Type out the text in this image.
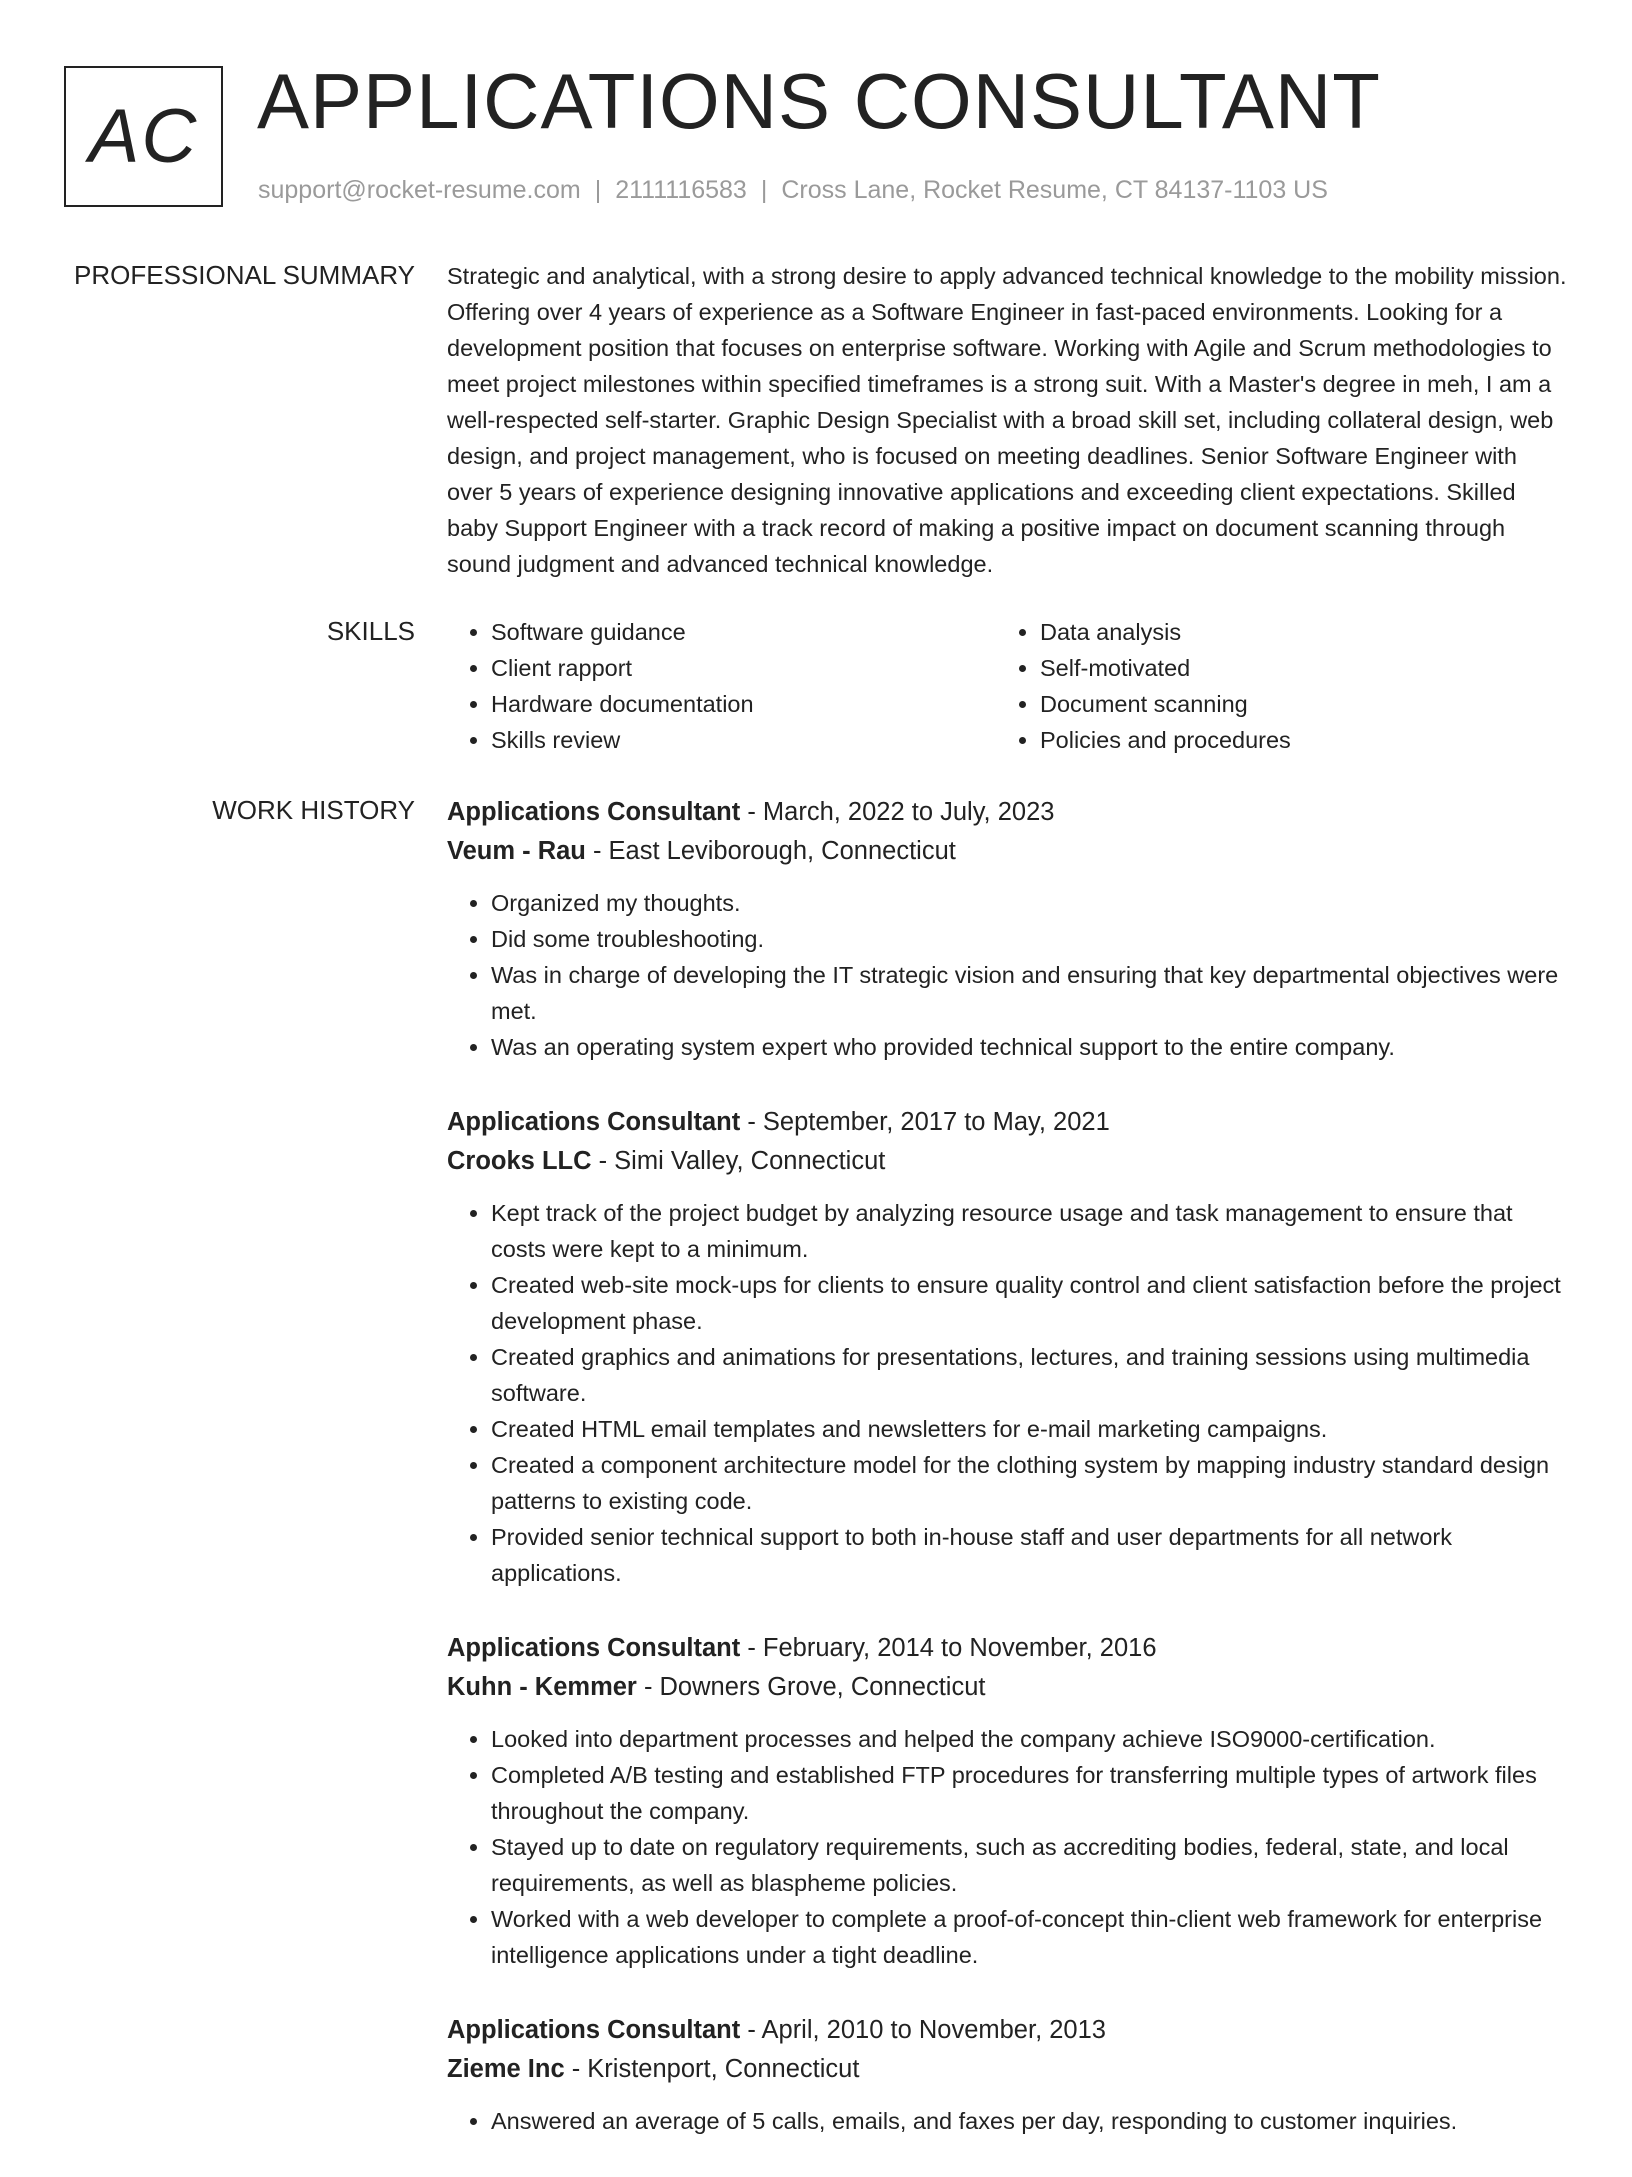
AC APPLICATIONS CONSULTANT
support@rocket-resume.com | 2111116583 | Cross Lane, Rocket Resume, CT 84137-1103 US
PROFESSIONAL SUMMARY Strategic and analytical, with a strong desire to apply advanced technical knowledge to the mobility mission. Offering over 4 years of experience as a Software Engineer in fast-paced environments. Looking for a development position that focuses on enterprise software. Working with Agile and Scrum methodologies to meet project milestones within specified timeframes is a strong suit. With a Master's degree in meh, I am a well-respected self-starter. Graphic Design Specialist with a broad skill set, including collateral design, web design, and project management, who is focused on meeting deadlines. Senior Software Engineer with over 5 years of experience designing innovative applications and exceeding client expectations. Skilled baby Support Engineer with a track record of making a positive impact on document scanning through sound judgment and advanced technical knowledge.

SKILLS
•	Software guidance
• Client rapport
• Hardware documentation
• Skills review
• Data analysis
• Self-motivated
• Document scanning
• Policies and procedures
WORK HISTORY Applications Consultant - March, 2022 to July, 2023
Veum - Rau - East Leviborough, Connecticut
• Organized my thoughts.
• Did some troubleshooting.
• Was in charge of developing the IT strategic vision and ensuring that key departmental objectives were met.
• Was an operating system expert who provided technical support to the entire company.
Applications Consultant - September, 2017 to May, 2021
Crooks LLC - Simi Valley, Connecticut
• Kept track of the project budget by analyzing resource usage and task management to ensure that costs were kept to a minimum.
• Created web-site mock-ups for clients to ensure quality control and client satisfaction before the project development phase.
• Created graphics and animations for presentations, lectures, and training sessions using multimedia software.
• Created HTML email templates and newsletters for e-mail marketing campaigns.
• Created a component architecture model for the clothing system by mapping industry standard design patterns to existing code.
• Provided senior technical support to both in-house staff and user departments for all network applications.
Applications Consultant - February, 2014 to November, 2016
Kuhn - Kemmer - Downers Grove, Connecticut
• Looked into department processes and helped the company achieve ISO9000-certification.
• Completed A/B testing and established FTP procedures for transferring multiple types of artwork files throughout the company.
• Stayed up to date on regulatory requirements, such as accrediting bodies, federal, state, and local requirements, as well as blaspheme policies.
• Worked with a web developer to complete a proof-of-concept thin-client web framework for enterprise intelligence applications under a tight deadline.
Applications Consultant - April, 2010 to November, 2013
Zieme Inc - Kristenport, Connecticut
• Answered an average of 5 calls, emails, and faxes per day, responding to customer inquiries.
